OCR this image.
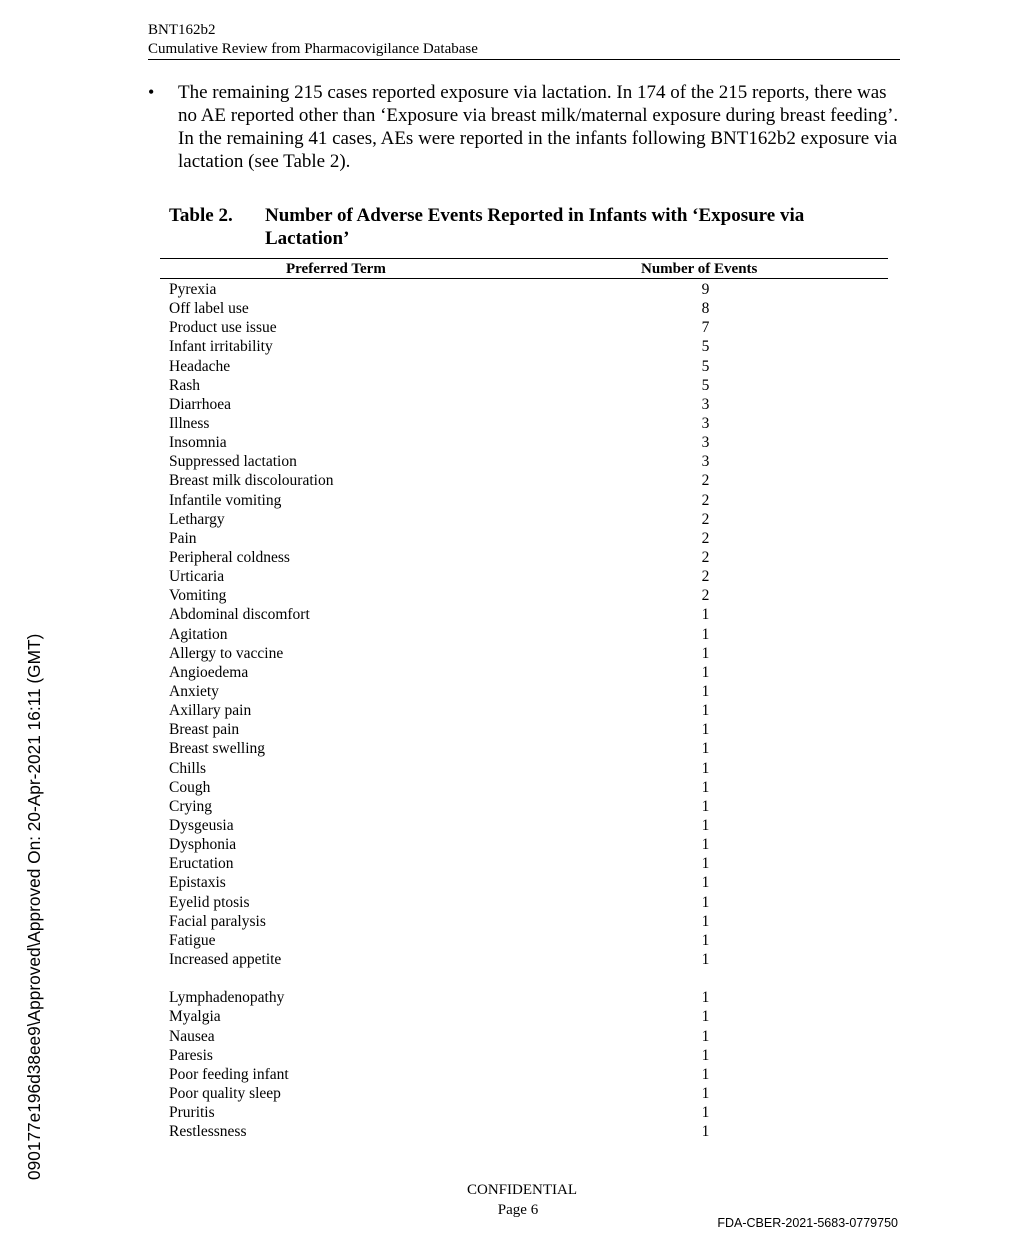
BNT162b2
Cumulative Review from Pharmacovigilance Database
• The remaining 215 cases reported exposure via lactation. In 174 of the 215 reports, there was no AE reported other than ‘Exposure via breast milk/maternal exposure during breast feeding’. In the remaining 41 cases, AEs were reported in the infants following BNT162b2 exposure via lactation (see Table 2).
Table 2. Number of Adverse Events Reported in Infants with ‘Exposure via Lactation’
Preferred Term	Number of Events
Pyrexia	9
Off label use	8
Product use issue	7
Infant irritability	5
Headache	5
Rash	5
Diarrhoea	3
Illness	3
Insomnia	3
Suppressed lactation	3
Breast milk discolouration	2
Infantile vomiting	2
Lethargy	2
Pain	2
Peripheral coldness	2
Urticaria	2
Vomiting	2
Abdominal discomfort	1
Agitation	1
Allergy to vaccine	1
Angioedema	1
Anxiety	1
Axillary pain	1
Breast pain	1
Breast swelling	1
Chills	1
Cough	1
Crying	1
Dysgeusia	1
Dysphonia	1
Eructation	1
Epistaxis	1
Eyelid ptosis	1
Facial paralysis	1
Fatigue	1
Increased appetite	1
Lymphadenopathy	1
Myalgia	1
Nausea	1
Paresis	1
Poor feeding infant	1
Poor quality sleep	1
Pruritis	1
Restlessness	1
CONFIDENTIAL
Page 6
FDA-CBER-2021-5683-0779750
090177e196d38ee9\Approved\Approved On: 20-Apr-2021 16:11 (GMT)
